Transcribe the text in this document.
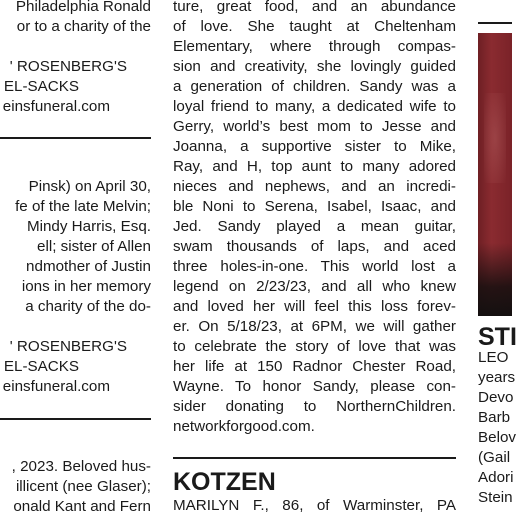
Philadelphia Ronald
or to a charity of the
' ROSENBERG'S
EL-SACKS
einsfuneral.com
Pinsk) on April 30,
fe of the late Melvin;
Mindy Harris, Esq.
ell; sister of Allen
ndmother of Justin
ions in her memory
a charity of the do-
' ROSENBERG'S
EL-SACKS
einsfuneral.com
, 2023. Beloved hus-
illicent (nee Glaser);
onald Kant and Fern
ture, great food, and an abundance
of love. She taught at Cheltenham
Elementary, where through compas-
sion and creativity, she lovingly guided
a generation of children. Sandy was a
loyal friend to many, a dedicated wife to
Gerry, world’s best mom to Jesse and
Joanna, a supportive sister to Mike,
Ray, and H, top aunt to many adored
nieces and nephews, and an incredi-
ble Noni to Serena, Isabel, Isaac, and
Jed. Sandy played a mean guitar,
swam thousands of laps, and aced
three holes-in-one. This world lost a
legend on 2/23/23, and all who knew
and loved her will feel this loss forev-
er. On 5/18/23, at 6PM, we will gather
to celebrate the story of love that was
her life at 150 Radnor Chester Road,
Wayne. To honor Sandy, please con-
sider donating to NorthernChildren.
networkforgood.com.
KOTZEN
MARILYN F., 86, of Warminster, PA
STI
LEO
years
Devo
Barb
Belov
(Gail
Adori
Stein
